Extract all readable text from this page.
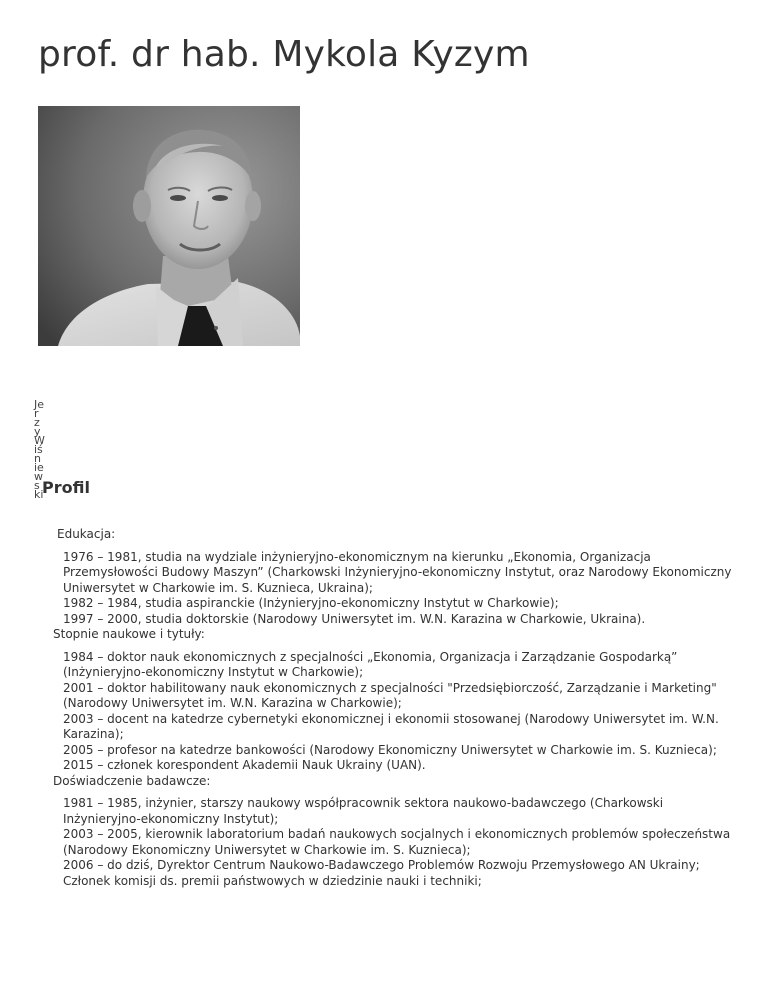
prof. dr hab. Mykola Kyzym
Jerzy Wiśniewski
Profil

Edukacja:

1976 – 1981, studia na wydziale inżynieryjno-ekonomicznym na kierunku „Ekonomia, Organizacja Przemysłowości Budowy Maszyn” (Charkowski Inżynieryjno-ekonomiczny Instytut, oraz Narodowy Ekonomiczny Uniwersytet w Charkowie im. S. Kuznieca, Ukraina);
1982 – 1984, studia aspiranckie (Inżynieryjno-ekonomiczny Instytut w Charkowie);
1997 – 2000, studia doktorskie (Narodowy Uniwersytet im. W.N. Karazina w Charkowie, Ukraina).

Stopnie naukowe i tytuły:

1984 – doktor nauk ekonomicznych z specjalności „Ekonomia, Organizacja i Zarządzanie Gospodarką” (Inżynieryjno-ekonomiczny Instytut w Charkowie);
2001 – doktor habilitowany nauk ekonomicznych z specjalności "Przedsiębiorczość, Zarządzanie i Marketing" (Narodowy Uniwersytet im. W.N. Karazina w Charkowie);
2003 – docent na katedrze cybernetyki ekonomicznej i ekonomii stosowanej (Narodowy Uniwersytet im. W.N. Karazina);
2005 – profesor na katedrze bankowości (Narodowy Ekonomiczny Uniwersytet w Charkowie im. S. Kuznieca);
2015 – członek korespondent Akademii Nauk Ukrainy (UAN).

Doświadczenie badawcze:

1981 – 1985, inżynier, starszy naukowy współpracownik sektora naukowo-badawczego (Charkowski Inżynieryjno-ekonomiczny Instytut);
2003 – 2005, kierownik laboratorium badań naukowych socjalnych i ekonomicznych problemów społeczeństwa (Narodowy Ekonomiczny Uniwersytet w Charkowie im. S. Kuznieca);
2006 – do dziś, Dyrektor Centrum Naukowo-Badawczego Problemów Rozwoju Przemysłowego AN Ukrainy;
Członek komisji ds. premii państwowych w dziedzinie nauki i techniki;
